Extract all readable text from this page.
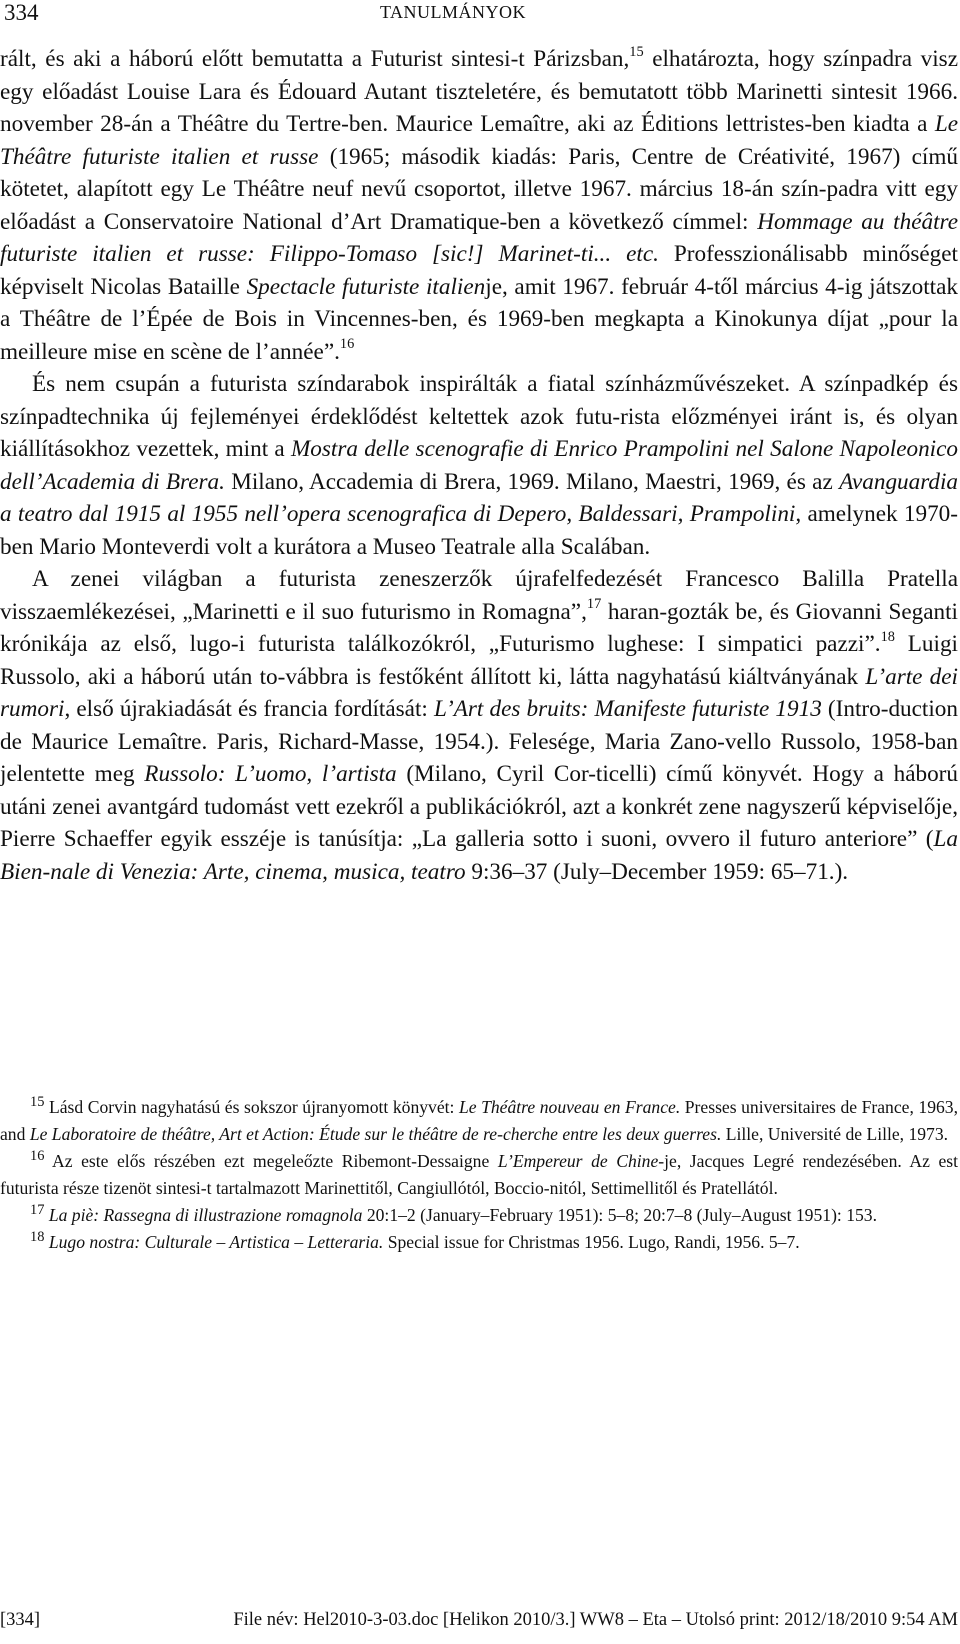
334	TANULMÁNYOK

rált, és aki a háború előtt bemutatta a Futurist sintesi-t Párizsban,$^{15}$ elhatározta, hogy színpadra visz egy előadást Louise Lara és Édouard Autant tiszteletére, és bemutatott több Marinetti sintesit 1966. november 28-án a Théâtre du Tertre-ben. Maurice Lemaître, aki az Éditions lettristes-ben kiadta a Le Théâtre futuriste italien et russe (1965; második kiadás: Paris, Centre de Créativité, 1967) című kötetet, alapított egy Le Théâtre neuf nevű csoportot, illetve 1967. március 18-án szín-padra vitt egy előadást a Conservatoire National d’Art Dramatique-ben a következő címmel: Hommage au théâtre futuriste italien et russe: Filippo-Tomaso [sic!] Marinet-ti... etc. Professzionálisabb minőséget képviselt Nicolas Bataille Spectacle futuriste italienje, amit 1967. február 4-től március 4-ig játszottak a Théâtre de l’Épée de Bois in Vincennes-ben, és 1969-ben megkapta a Kinokunya díjat „pour la meilleure mise en scène de l’année”.$^{16}$

És nem csupán a futurista színdarabok inspirálták a fiatal színházművészeket. A színpadkép és színpadtechnika új fejleményei érdeklődést keltettek azok futu-rista előzményei iránt is, és olyan kiállításokhoz vezettek, mint a Mostra delle scenografie di Enrico Prampolini nel Salone Napoleonico dell’Academia di Brera. Milano, Accademia di Brera, 1969. Milano, Maestri, 1969, és az Avanguardia a teatro dal 1915 al 1955 nell’opera scenografica di Depero, Baldessari, Prampolini, amelynek 1970-ben Mario Monteverdi volt a kurátora a Museo Teatrale alla Scalában.

A zenei világban a futurista zeneszerzők újrafelfedezését Francesco Balilla Pratella visszaemlékezései, „Marinetti e il suo futurismo in Romagna”,$^{17}$ haran-gozták be, és Giovanni Seganti krónikája az első, lugo-i futurista találkozókról, „Futurismo lughese: I simpatici pazzi”.$^{18}$ Luigi Russolo, aki a háború után to-vábbra is festőként állított ki, látta nagyhatású kiáltványának L’arte dei rumori, első újrakiadását és francia fordítását: L’Art des bruits: Manifeste futuriste 1913 (Intro-duction de Maurice Lemaître. Paris, Richard-Masse, 1954.). Felesége, Maria Zano-vello Russolo, 1958-ban jelentette meg Russolo: L’uomo, l’artista (Milano, Cyril Cor-ticelli) című könyvét. Hogy a háború utáni zenei avantgárd tudomást vett ezekről a publikációkról, azt a konkrét zene nagyszerű képviselője, Pierre Schaeffer egyik esszéje is tanúsítja: „La galleria sotto i suoni, ovvero il futuro anteriore” (La Bien-nale di Venezia: Arte, cinema, musica, teatro 9:36–37 (July–December 1959: 65–71.).

$^{15}$ Lásd Corvin nagyhatású és sokszor újranyomott könyvét: Le Théâtre nouveau en France. Presses universitaires de France, 1963, and Le Laboratoire de théâtre, Art et Action: Étude sur le théâtre de re-cherche entre les deux guerres. Lille, Université de Lille, 1973.

$^{16}$ Az este elős részében ezt megeleőzte Ribemont-Dessaigne L’Empereur de Chine-je, Jacques Legré rendezésében. Az est futurista része tizenöt sintesi-t tartalmazott Marinettitől, Cangiullótól, Boccio-nitól, Settimellitől és Pratellától.

$^{17}$ La piè: Rassegna di illustrazione romagnola 20:1–2 (January–February 1951): 5–8; 20:7–8 (July–August 1951): 153.

$^{18}$ Lugo nostra: Culturale – Artistica – Letteraria. Special issue for Christmas 1956. Lugo, Randi, 1956. 5–7.

[334]	File név: Hel2010-3-03.doc [Helikon 2010/3.] WW8 – Eta – Utolsó print: 2012/18/2010 9:54 AM
